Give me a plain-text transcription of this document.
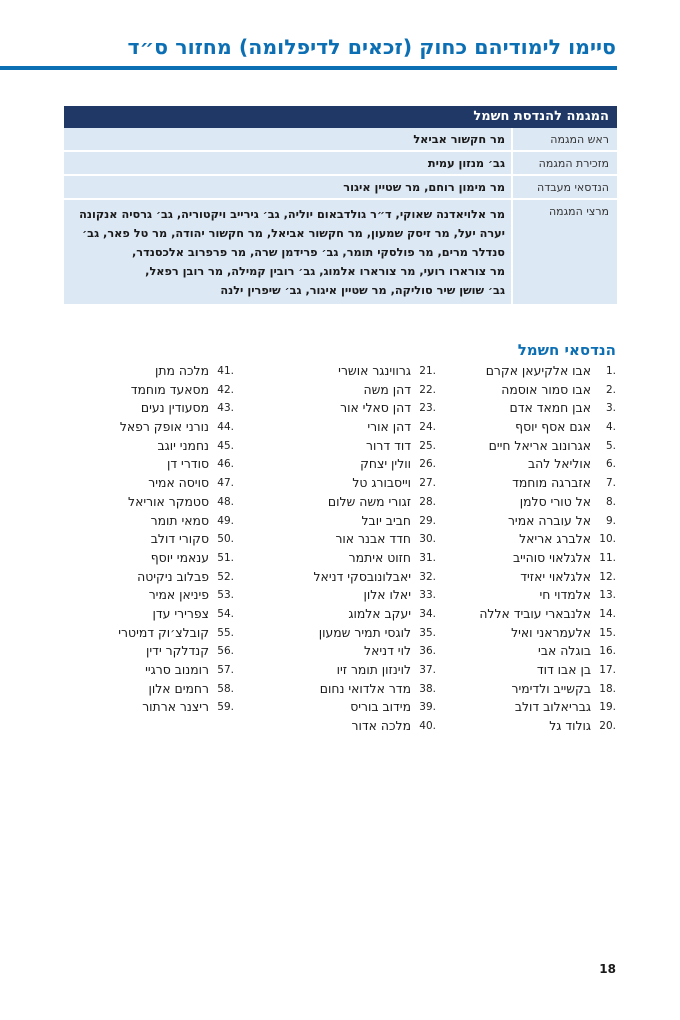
סיימו לימודיהם כחוק (זכאים לדיפלומה) מחזור ס״ד
המגמה להנדסת חשמל	
ראש המגמה	מר חקשור אביאל
מזכירת המגמה	גב׳ מנזון עמית
הנדסאי מעבדה	מר מימון רוחם, מר שטיין איגור
מרצי המגמה	מר אלויאדנה שאוקי, ד״ר גולדבאום יוליה, גב׳ גירייב ויקטוריה, גב׳ גרסיה אנקונה
יערה יעל, מר זיסק שמעון, מר חקשור אביאל, מר חקשור יהודה, מר טל פאר, גב׳
סנדלר מרים, מר פולסקי תומר, גב׳ פרידמן שרה, מר פרפרוב אלכסנדר,
מר צורארו רועי, מר צורארו אלמוג, גב׳ רובין קמילה, מר רובן רפאל,
גב׳ שושן שיר סוליקה, מר שטיין איגור, גב׳ שיפרין ילנה
הנדסאי חשמל
1.
אבו אלקיעאן אקרם
2.
אבו סמור אוסמה
3.
אבן חמאד אדם
4.
אגם אסף יוסף
5.
אגרונוב אריאל חיים
6.
אוליאל להב
7.
אזברגה מוחמד
8.
אל טורי סלמן
9.
אל עוברה אמיר
10.
אלברג אריאל
11.
אלגלאוי סוהייב
12.
אלגלאוי יאזיד
13.
אלמדוי חי
14.
אלנבארי עוביד אללה
15.
אלעמראני ואיל
16.
בוגלה אבי
17.
בן אבו דוד
18.
בקשייב ולדימיר
19.
גבריאלוב דולב
20.
גולוד גל
21.
גרווינגר אושרי
22.
דהן משה
23.
דהן סאלי אור
24.
דהן אורי
25.
דוד דרור
26.
וולין יצחק
27.
וייסבורג טל
28.
זגורי משה שלום
29.
חביב יובל
30.
חדד אבנר אור
31.
חזוט איתמר
32.
יאבלונובסקי דניאל
33.
יאלו אלון
34.
יעקב אלמוג
35.
לוגסי תמיר שמעון
36.
לוי דניאל
37.
לוינזון תומר זיו
38.
מדר אלדואי נחום
39.
מידוב בוריס
40.
מלכה אדור
41.
מלכה מתן
42.
מסאעד מוחמד
43.
מסעודין נעים
44.
נורני אופק רפאל
45.
נחמני יוגב
46.
סודרי דן
47.
סויסה אמיר
48.
סטמקר אוריאל
49.
סמאי תומר
50.
סקורי דולב
51.
ענאמי יוסף
52.
פבלוב ניקיטה
53.
פיניאן אמיר
54.
צפרירי עדן
55.
קובלצ׳וק דמיטרי
56.
קנדלקר ידין
57.
רומנוב סרגיי
58.
רחמים אלון
59.
ריצנר ארתור
18
